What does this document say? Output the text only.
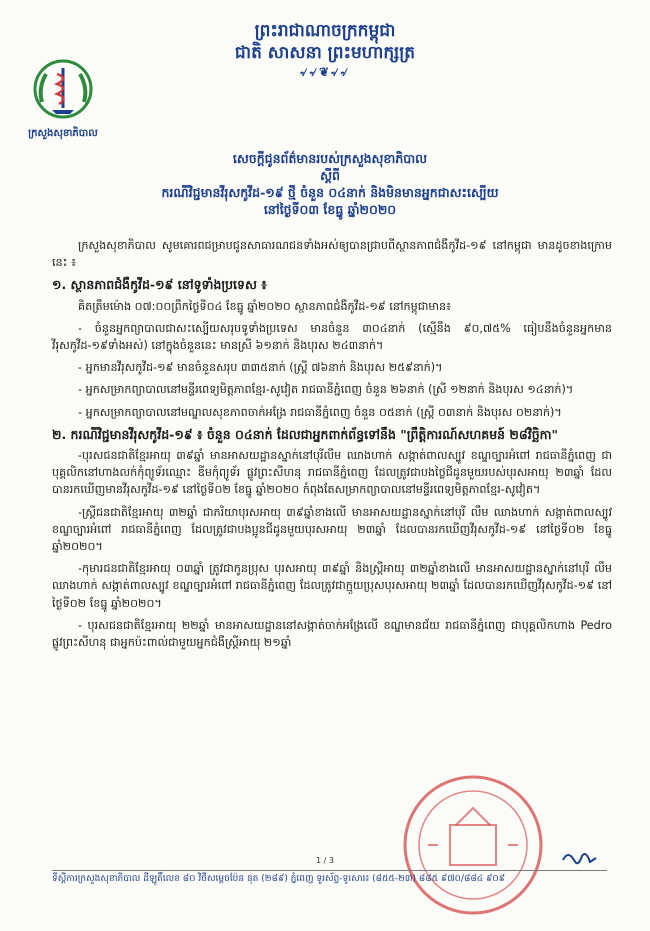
ព្រះរាជាណាចក្រកម្ពុជា
ជាតិ សាសនា ព្រះមហាក្សត្រ
৵৵❦৵৵
ក្រសួងសុខាភិបាល
សេចក្តីជូនព័ត៌មានរបស់ក្រសួងសុខាភិបាល
ស្តីពី
ករណីវិជ្ជមានវីរុសកូវីដ-១៩ ថ្មី ចំនួន ០៤នាក់ និងមិនមានអ្នកជាសះស្បើយ
នៅថ្ងៃទី០៣ ខែធ្នូ ឆ្នាំ២០២០

ក្រសួងសុខាភិបាល សូមគោរពជម្រាបជូនសាធារណជនទាំងអស់ឲ្យបានជ្រាបពីស្ថានភាពជំងឺកូវីដ-១៩ នៅកម្ពុជា មានដូចខាងក្រោមនេះ ៖

១. ស្ថានភាពជំងឺកូវីដ-១៩ នៅទូទាំងប្រទេស ៖

គិតត្រឹមម៉ោង ០៧:០០ព្រឹកថ្ងៃទី០៤ ខែធ្នូ ឆ្នាំ២០២០ ស្ថានភាពជំងឺកូវីដ-១៩ នៅកម្ពុជាមាន៖

- ចំនួនអ្នកព្យាបាលជាសះស្បើយសរុបទូទាំងប្រទេស មានចំនួន ៣០៤នាក់ (ស្មើនឹង ៩០,៧៥% ធៀបនឹងចំនួនអ្នកមានវីរុសកូវីដ-១៩ទាំងអស់) នៅក្នុងចំនួននេះ មានស្រី ៦១នាក់ និងបុរស ២៤៣នាក់។

- អ្នកមានវីរុសកូវីដ-១៩ មានចំនួនសរុប ៣៣៥នាក់ (ស្រ្តី ៧៦នាក់ និងបុរស ២៥៩នាក់)។

- អ្នកសម្រាកព្យាបាលនៅមន្ទីរពេទ្យមិត្តភាពខ្មែរ-សូវៀត រាជធានីភ្នំពេញ ចំនួន ២៦នាក់ (ស្រី ១២នាក់ និងបុរស ១៤នាក់)។

- អ្នកសម្រាកព្យាបាលនៅមណ្ឌលសុខភាពចាក់អង្រែ រាជធានីភ្នំពេញ ចំនួន ០៥នាក់ (ស្រ្តី ០៣នាក់ និងបុរស ០២នាក់)។

២. ករណីវិជ្ជមានវីរុសកូវីដ-១៩ ៖ ចំនួន ០៤នាក់ ដែលជាអ្នកពាក់ព័ន្ធទៅនឹង "ព្រឹត្តិការណ៍សហគមន៍ ២៨វិច្ឆិកា"

-បុរសជនជាតិខ្មែរអាយុ ៣៩ឆ្នាំ មានអាសយដ្ឋានស្នាក់នៅបុរីលឹម ឈាងហាក់ សង្កាត់ពាលស្បូវ ខណ្ឌច្បារអំពៅ រាជធានីភ្នំពេញ ជាបុគ្គលិកនៅហាងលក់កុំព្យូទ័រឈ្មោះ ឌីមកុំព្យូទ័រ ផ្លូវព្រះសីហនុ រាជធានីភ្នំពេញ ដែលត្រូវជាបងថ្លៃជីដូនមួយរបស់បុរសអាយុ ២៣ឆ្នាំ ដែលបានរកឃើញមានវីរុសកូវីដ-១៩ នៅថ្ងៃទី០២ ខែធ្នូ ឆ្នាំ២០២០ កំពុងតែសម្រាកព្យាបាលនៅមន្ទីរពេទ្យមិត្តភាពខ្មែរ-សូវៀត។

-ស្ត្រីជនជាតិខ្មែរអាយុ ៣២ឆ្នាំ ជាភរិយាបុរសអាយុ ៣៩ឆ្នាំខាងលើ មានអាសយដ្ឋានស្នាក់នៅបុរី លឹម ឈាងហាក់ សង្កាត់ពាលស្បូវ ខណ្ឌច្បារអំពៅ រាជធានីភ្នំពេញ ដែលត្រូវជាបងប្អូនជីដូនមួយបុរសអាយុ ២៣ឆ្នាំ ដែលបានរកឃើញវីរុសកូវីដ-១៩ នៅថ្ងៃទី០២ ខែធ្នូ ឆ្នាំ២០២០។

-កុមារជនជាតិខ្មែរអាយុ ០៣ឆ្នាំ ត្រូវជាកូនប្រុស បុរសអាយុ ៣៩ឆ្នាំ និងស្ត្រីអាយុ ៣២ឆ្នាំខាងលើ មានអាសយដ្ឋានស្នាក់នៅបុរី លឹម ឈាងហាក់ សង្កាត់ពាលស្បូវ ខណ្ឌច្បារអំពៅ រាជធានីភ្នំពេញ ដែលត្រូវជាក្មួយប្រុសបុរសអាយុ ២៣ឆ្នាំ ដែលបានរកឃើញវីរុសកូវីដ-១៩ នៅថ្ងៃទី០២ ខែធ្នូ ឆ្នាំ២០២០។

- បុរសជនជាតិខ្មែរអាយុ ២២ឆ្នាំ មានអាសយដ្ឋាននៅសង្កាត់ចាក់អង្រែលើ ខណ្ឌមានជ័យ រាជធានីភ្នំពេញ ជាបុគ្គលិកហាង Pedro ផ្លូវព្រះសីហនុ ជាអ្នកប៉ះពាល់ជាមួយអ្នកជំងឺស្ត្រីអាយុ ២១ឆ្នាំ

1 / 3
ទីស្តីការក្រសួងសុខាភិបាល ដីឡូតិ៍លេខ ៨០ វិថីសម្តេចប៉ែន នុត (២៨៩) ភ្នំពេញ ទូរស័ព្ទ-ទូរសារ៖ (៨៥៥-២៣) ៨៨៥ ៩៧០/៨៨៤ ៩០៩
